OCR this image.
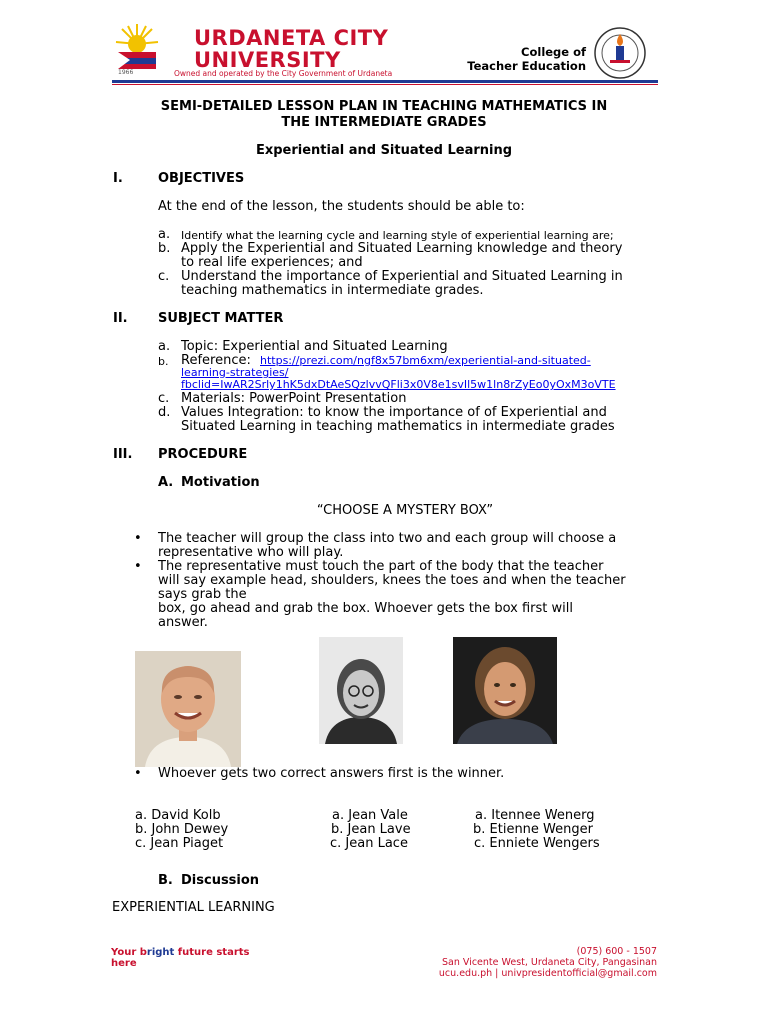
1966
URDANETA CITY
UNIVERSITY
Owned and operated by the City Government of Urdaneta
College of
Teacher Education
SEMI-DETAILED LESSON PLAN IN TEACHING MATHEMATICS IN
THE INTERMEDIATE GRADES
Experiential and Situated Learning
I.	OBJECTIVES
At the end of the lesson, the students should be able to:
a. Identify what the learning cycle and learning style of experiential learning are;
b. Apply the Experiential and Situated Learning knowledge and theory
to real life experiences; and
c. Understand the importance of Experiential and Situated Learning in
teaching mathematics in intermediate grades.
II. SUBJECT MATTER
a. Topic: Experiential and Situated Learning
b. Reference: https://prezi.com/ngf8x57bm6xm/experiential-and-situated-
learning-strategies/
fbclid=IwAR2Srly1hK5dxDtAeSQzlvvQFli3x0V8e1svIl5w1ln8rZyEo0yOxM3oVTE
c. Materials: PowerPoint Presentation
d. Values Integration: to know the importance of of Experiential and
Situated Learning in teaching mathematics in intermediate grades
III. PROCEDURE
A. Motivation
“CHOOSE A MYSTERY BOX”
• The teacher will group the class into two and each group will choose a
representative who will play.
• The representative must touch the part of the body that the teacher
will say example head, shoulders, knees the toes and when the teacher
says grab the
box, go ahead and grab the box. Whoever gets the box first will
answer.
• Whoever gets two correct answers first is the winner.
a. David Kolb
b. John Dewey
c. Jean Piaget
a. Jean Vale
b. Jean Lave
c. Jean Lace
a. Itennee Wenerg
b. Etienne Wenger
c. Enniete Wengers
B. Discussion
EXPERIENTIAL LEARNING
Your bright future starts
here
(075) 600 - 1507
San Vicente West, Urdaneta City, Pangasinan
ucu.edu.ph | univpresidentofficial@gmail.com
